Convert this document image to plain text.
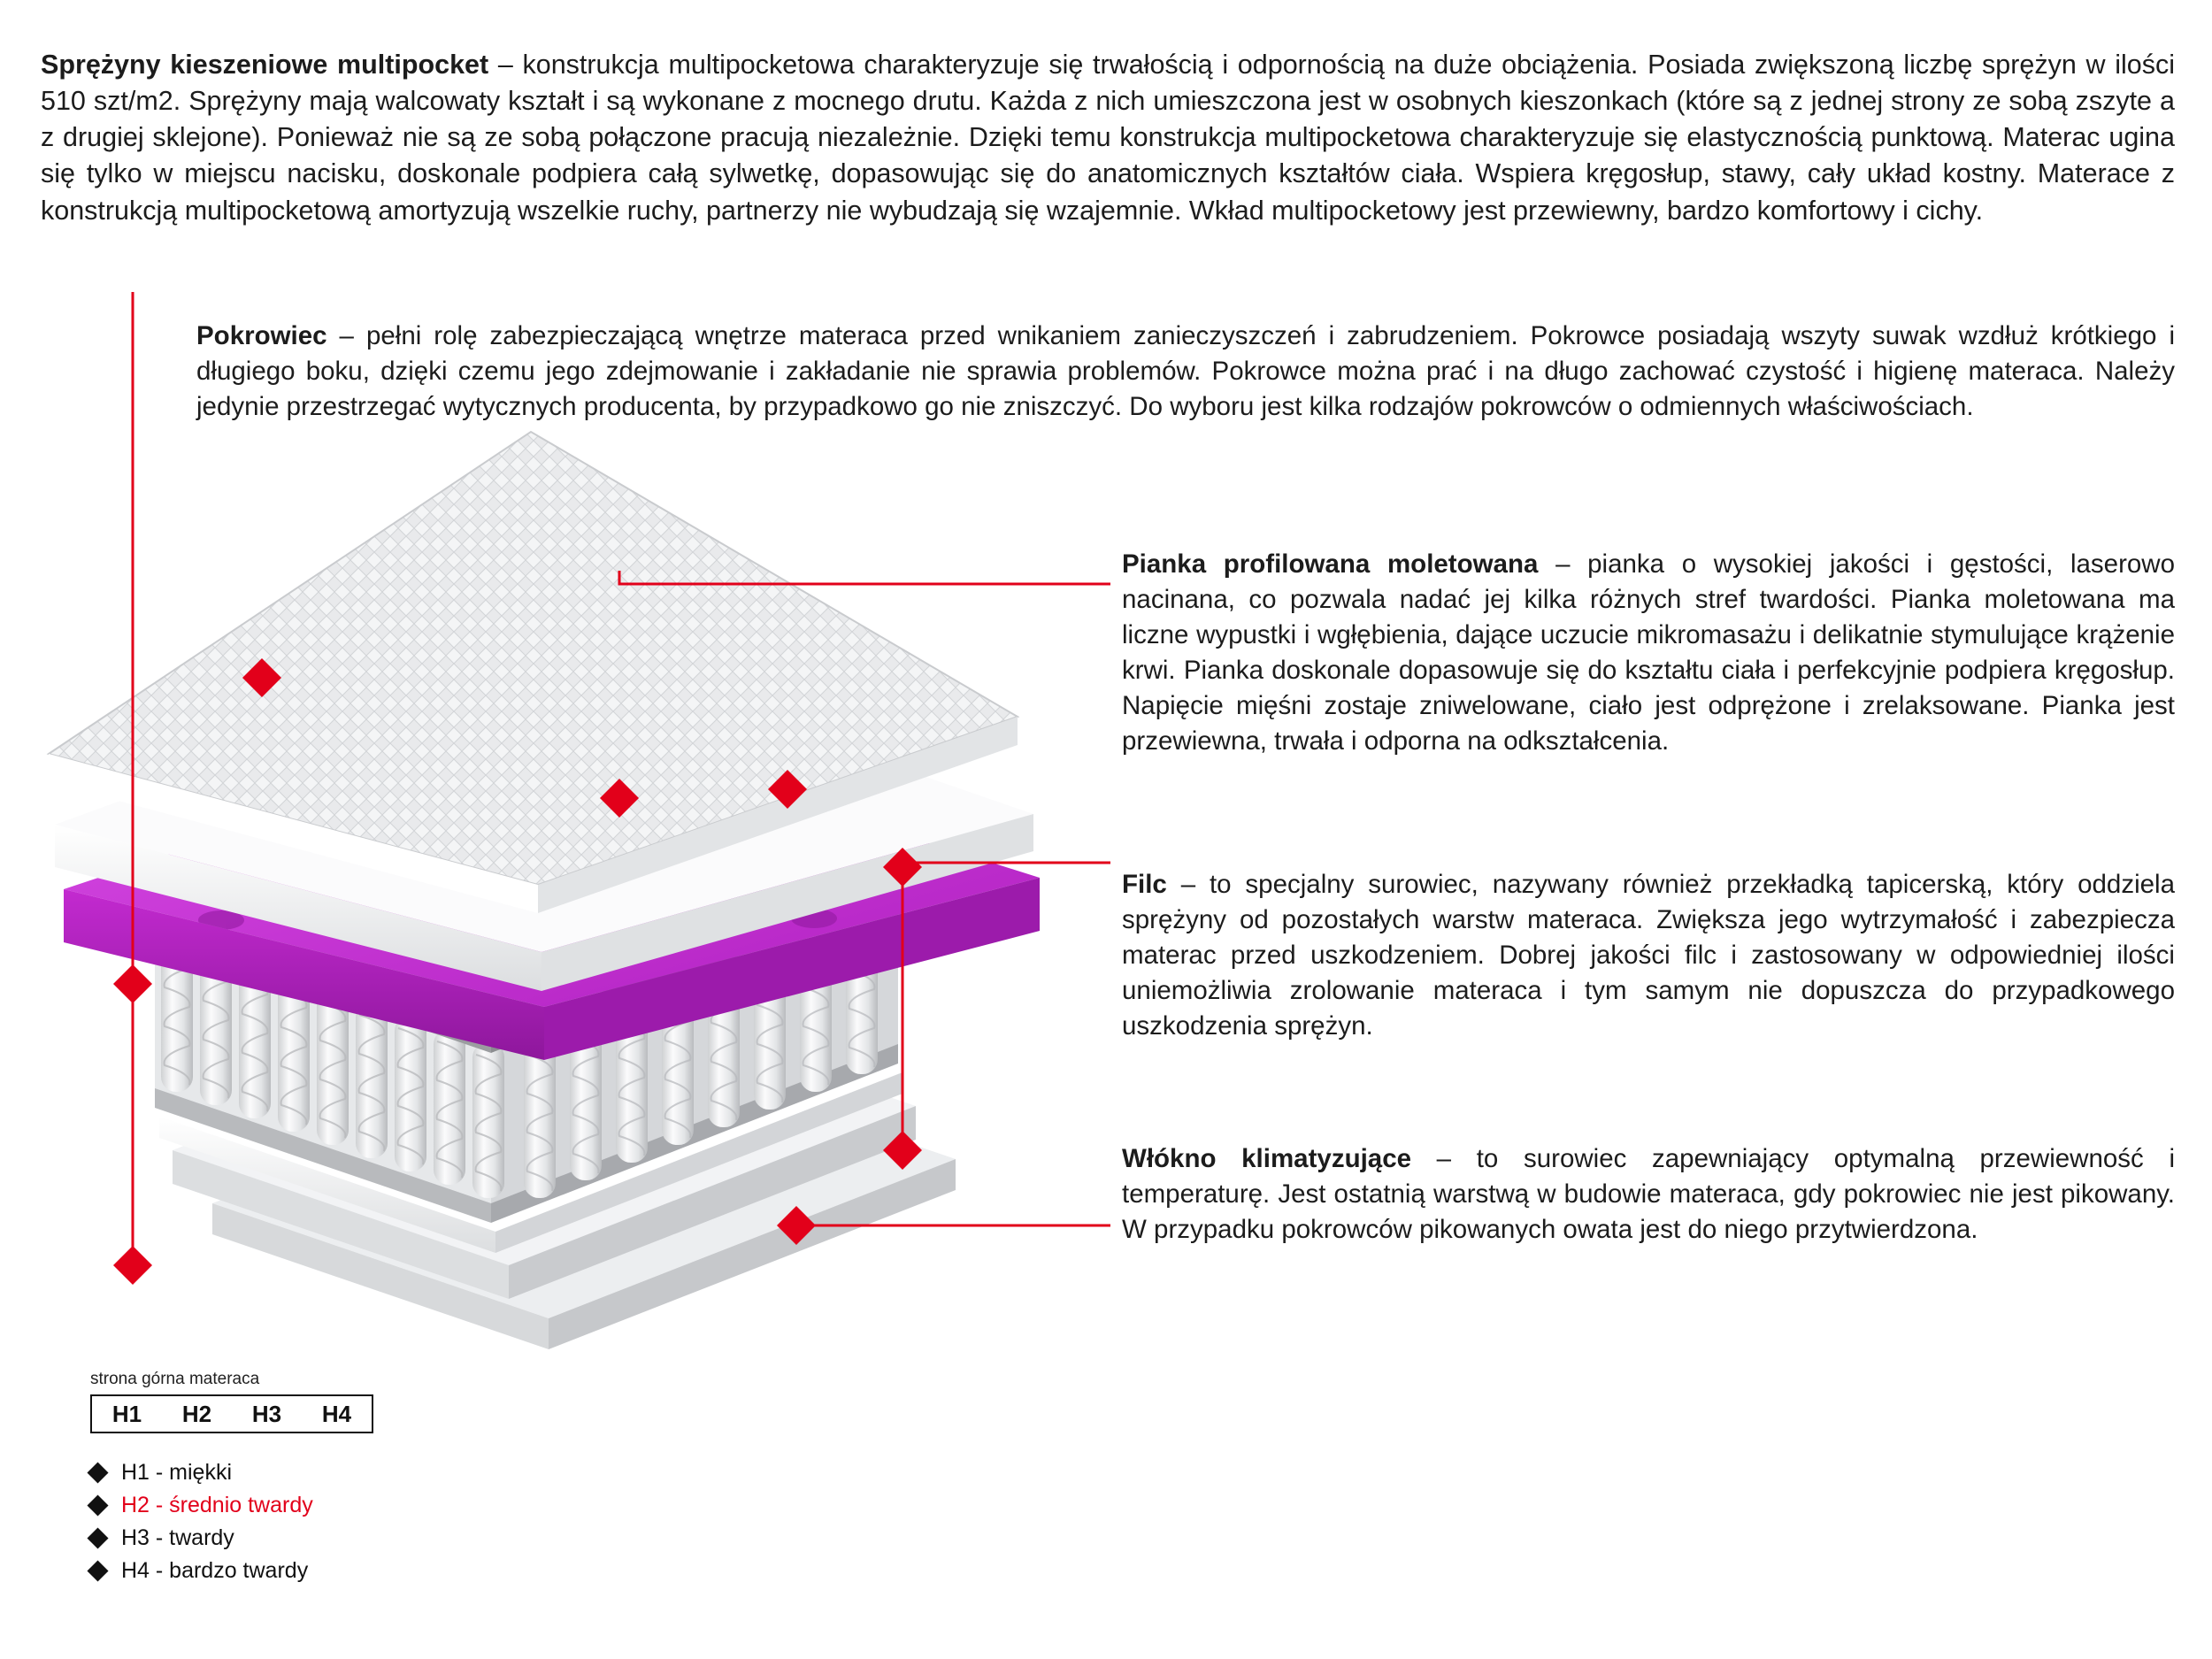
Sprężyny kieszeniowe multipocket – konstrukcja multipocketowa charakteryzuje się trwałością i odpornością na duże obciążenia. Posiada zwiększoną liczbę sprężyn w ilości 510 szt/m2. Sprężyny mają walcowaty kształt i są wykonane z mocnego drutu. Każda z nich umieszczona jest w osobnych kieszonkach (które są z jednej strony ze sobą zszyte a z drugiej sklejone). Ponieważ nie są ze sobą połączone pracują niezależnie. Dzięki temu konstrukcja multipocketowa charakteryzuje się elastycznością punktową. Materac ugina się tylko w miejscu nacisku, doskonale podpiera całą sylwetkę, dopasowując się do anatomicznych kształtów ciała. Wspiera kręgosłup, stawy, cały układ kostny. Materace z konstrukcją multipocketową amortyzują wszelkie ruchy, partnerzy nie wybudzają się wzajemnie. Wkład multipocketowy jest przewiewny, bardzo komfortowy i cichy.

Pokrowiec – pełni rolę zabezpieczającą wnętrze materaca przed wnikaniem zanieczyszczeń i zabrudzeniem. Pokrowce posiadają wszyty suwak wzdłuż krótkiego i długiego boku, dzięki czemu jego zdejmowanie i zakładanie nie sprawia problemów. Pokrowce można prać i na długo zachować czystość i higienę materaca. Należy jedynie przestrzegać wytycznych producenta, by przypadkowo go nie zniszczyć. Do wyboru jest kilka rodzajów pokrowców o odmiennych właściwościach.

Pianka profilowana moletowana – pianka o wysokiej jakości i gęstości, laserowo nacinana, co pozwala nadać jej kilka różnych stref twardości. Pianka moletowana ma liczne wypustki i wgłębienia, dające uczucie mikromasażu i delikatnie stymulujące krążenie krwi. Pianka doskonale dopasowuje się do kształtu ciała i perfekcyjnie podpiera kręgosłup. Napięcie mięśni zostaje zniwelowane, ciało jest odprężone i zrelaksowane. Pianka jest przewiewna, trwała i odporna na odkształcenia.

Filc – to specjalny surowiec, nazywany również przekładką tapicerską, który oddziela sprężyny od pozostałych warstw materaca. Zwiększa jego wytrzymałość i zabezpiecza materac przed uszkodzeniem. Dobrej jakości filc i zastosowany w odpowiedniej ilości uniemożliwia zrolowanie materaca i tym samym nie dopuszcza do przypadkowego uszkodzenia sprężyn.

Włókno klimatyzujące – to surowiec zapewniający optymalną przewiewność i temperaturę. Jest ostatnią warstwą w budowie materaca, gdy pokrowiec nie jest pikowany. W przypadku pokrowców pikowanych owata jest do niego przytwierdzona.

strona górna materaca
H1	H2	H3	H4
H1 - miękki
H2 - średnio twardy
H3 - twardy
H4 - bardzo twardy
